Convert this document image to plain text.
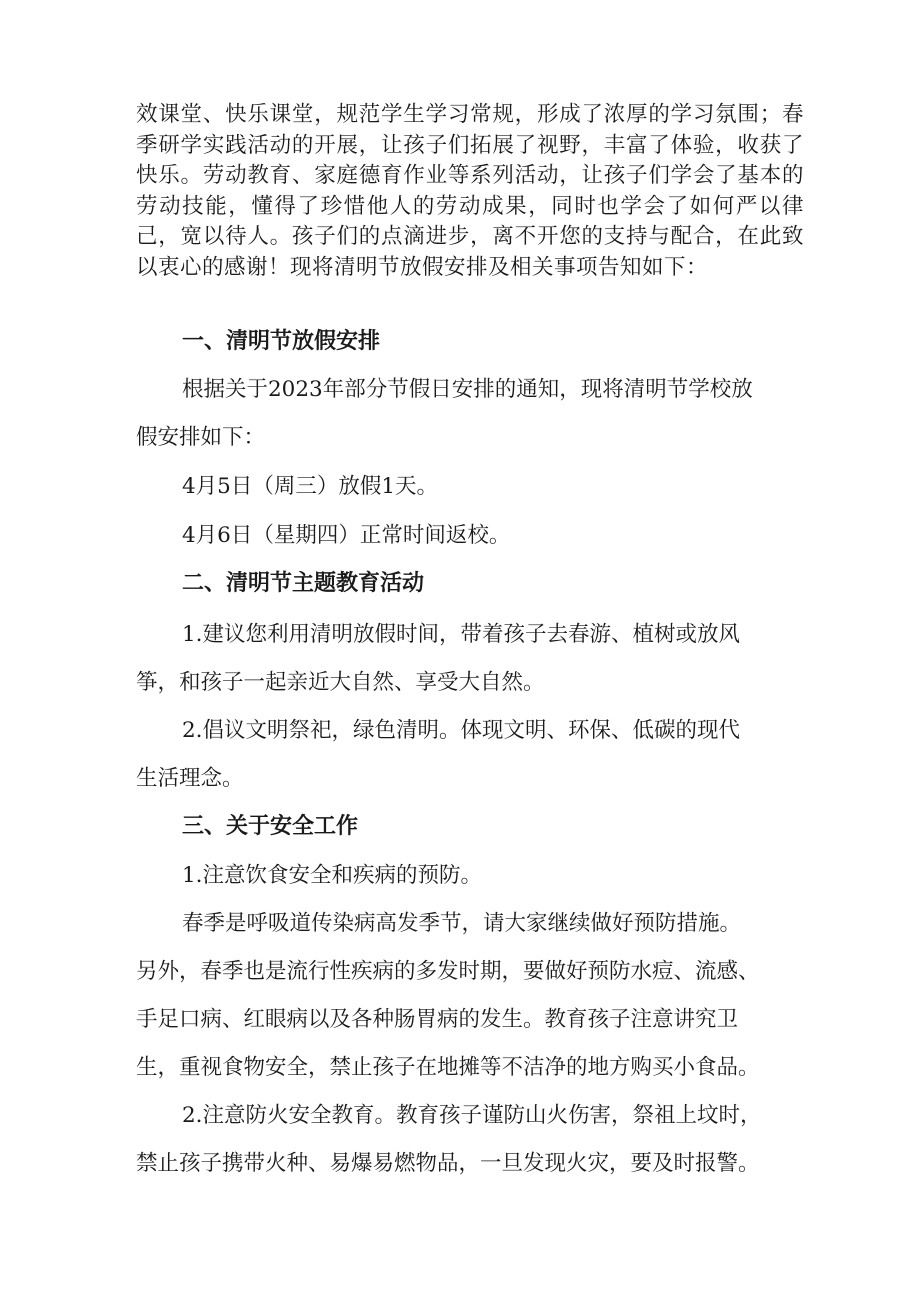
效课堂、快乐课堂，规范学生学习常规，形成了浓厚的学习氛围；春季研学实践活动的开展，让孩子们拓展了视野，丰富了体验，收获了快乐。劳动教育、家庭德育作业等系列活动，让孩子们学会了基本的劳动技能，懂得了珍惜他人的劳动成果，同时也学会了如何严以律己，宽以待人。孩子们的点滴进步，离不开您的支持与配合，在此致以衷心的感谢！现将清明节放假安排及相关事项告知如下：

一、清明节放假安排

根据关于2023年部分节假日安排的通知，现将清明节学校放

假安排如下：

4月5日（周三）放假1天。

4月6日（星期四）正常时间返校。

二、清明节主题教育活动

1.建议您利用清明放假时间，带着孩子去春游、植树或放风

筝，和孩子一起亲近大自然、享受大自然。

2.倡议文明祭祀，绿色清明。体现文明、环保、低碳的现代

生活理念。

三、关于安全工作

1.注意饮食安全和疾病的预防。

春季是呼吸道传染病高发季节，请大家继续做好预防措施。

另外，春季也是流行性疾病的多发时期，要做好预防水痘、流感、

手足口病、红眼病以及各种肠胃病的发生。教育孩子注意讲究卫

生，重视食物安全，禁止孩子在地摊等不洁净的地方购买小食品。

2.注意防火安全教育。教育孩子谨防山火伤害，祭祖上坟时，

禁止孩子携带火种、易爆易燃物品，一旦发现火灾，要及时报警。
